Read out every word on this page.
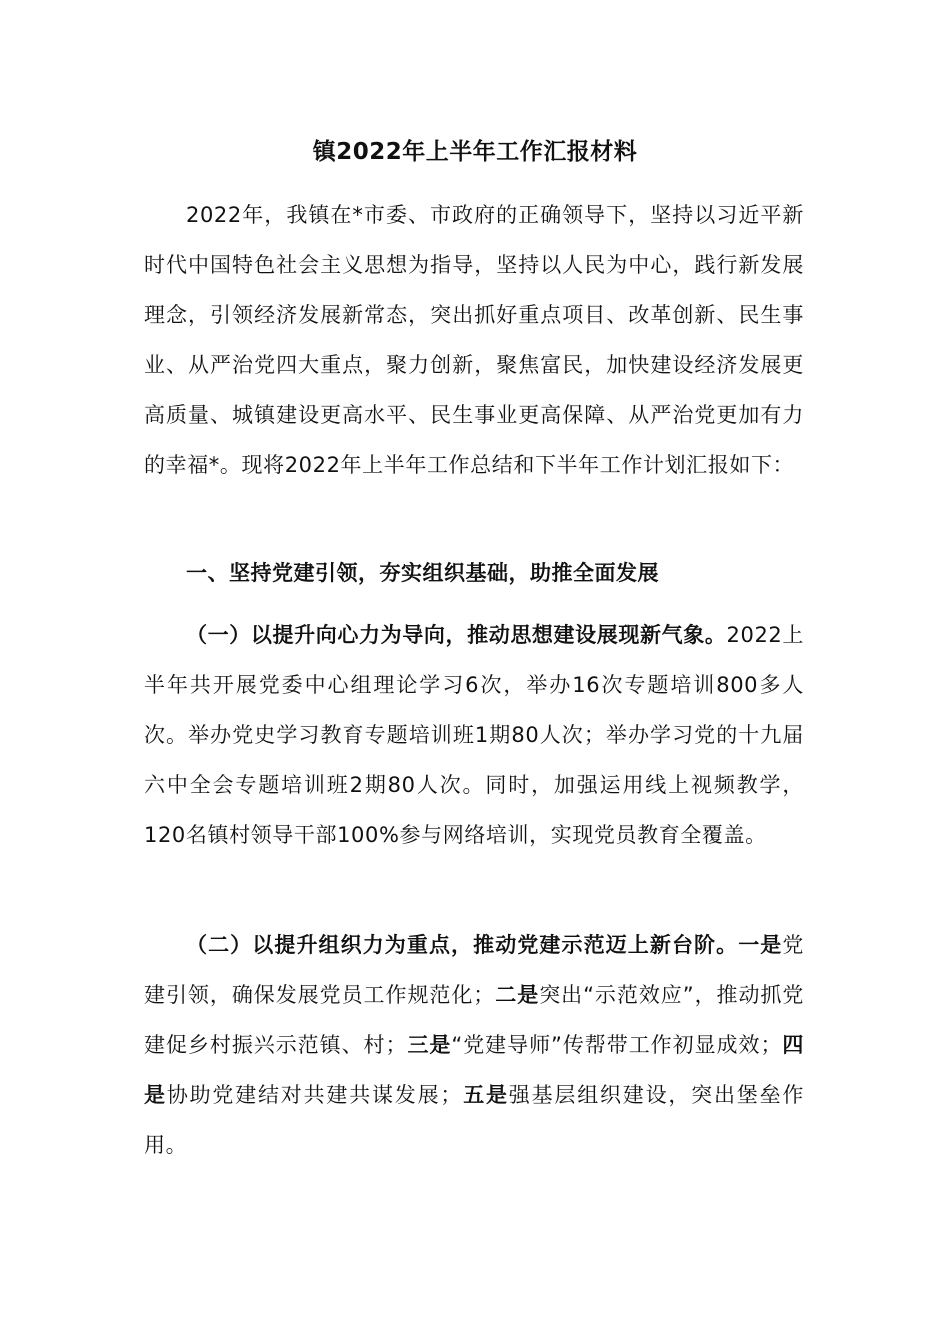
镇2022年上半年工作汇报材料

2022年，我镇在*市委、市政府的正确领导下，坚持以习近平新时代中国特色社会主义思想为指导，坚持以人民为中心，践行新发展理念，引领经济发展新常态，突出抓好重点项目、改革创新、民生事业、从严治党四大重点，聚力创新，聚焦富民，加快建设经济发展更高质量、城镇建设更高水平、民生事业更高保障、从严治党更加有力的幸福*。现将2022年上半年工作总结和下半年工作计划汇报如下：

一、坚持党建引领，夯实组织基础，助推全面发展

（一）以提升向心力为导向，推动思想建设展现新气象。2022上半年共开展党委中心组理论学习6次，举办16次专题培训800多人次。举办党史学习教育专题培训班1期80人次；举办学习党的十九届六中全会专题培训班2期80人次。同时，加强运用线上视频教学，120名镇村领导干部100%参与网络培训，实现党员教育全覆盖。

（二）以提升组织力为重点，推动党建示范迈上新台阶。一是党建引领，确保发展党员工作规范化；二是突出“示范效应”，推动抓党建促乡村振兴示范镇、村；三是“党建导师”传帮带工作初显成效；四是协助党建结对共建共谋发展；五是强基层组织建设，突出堡垒作用。
